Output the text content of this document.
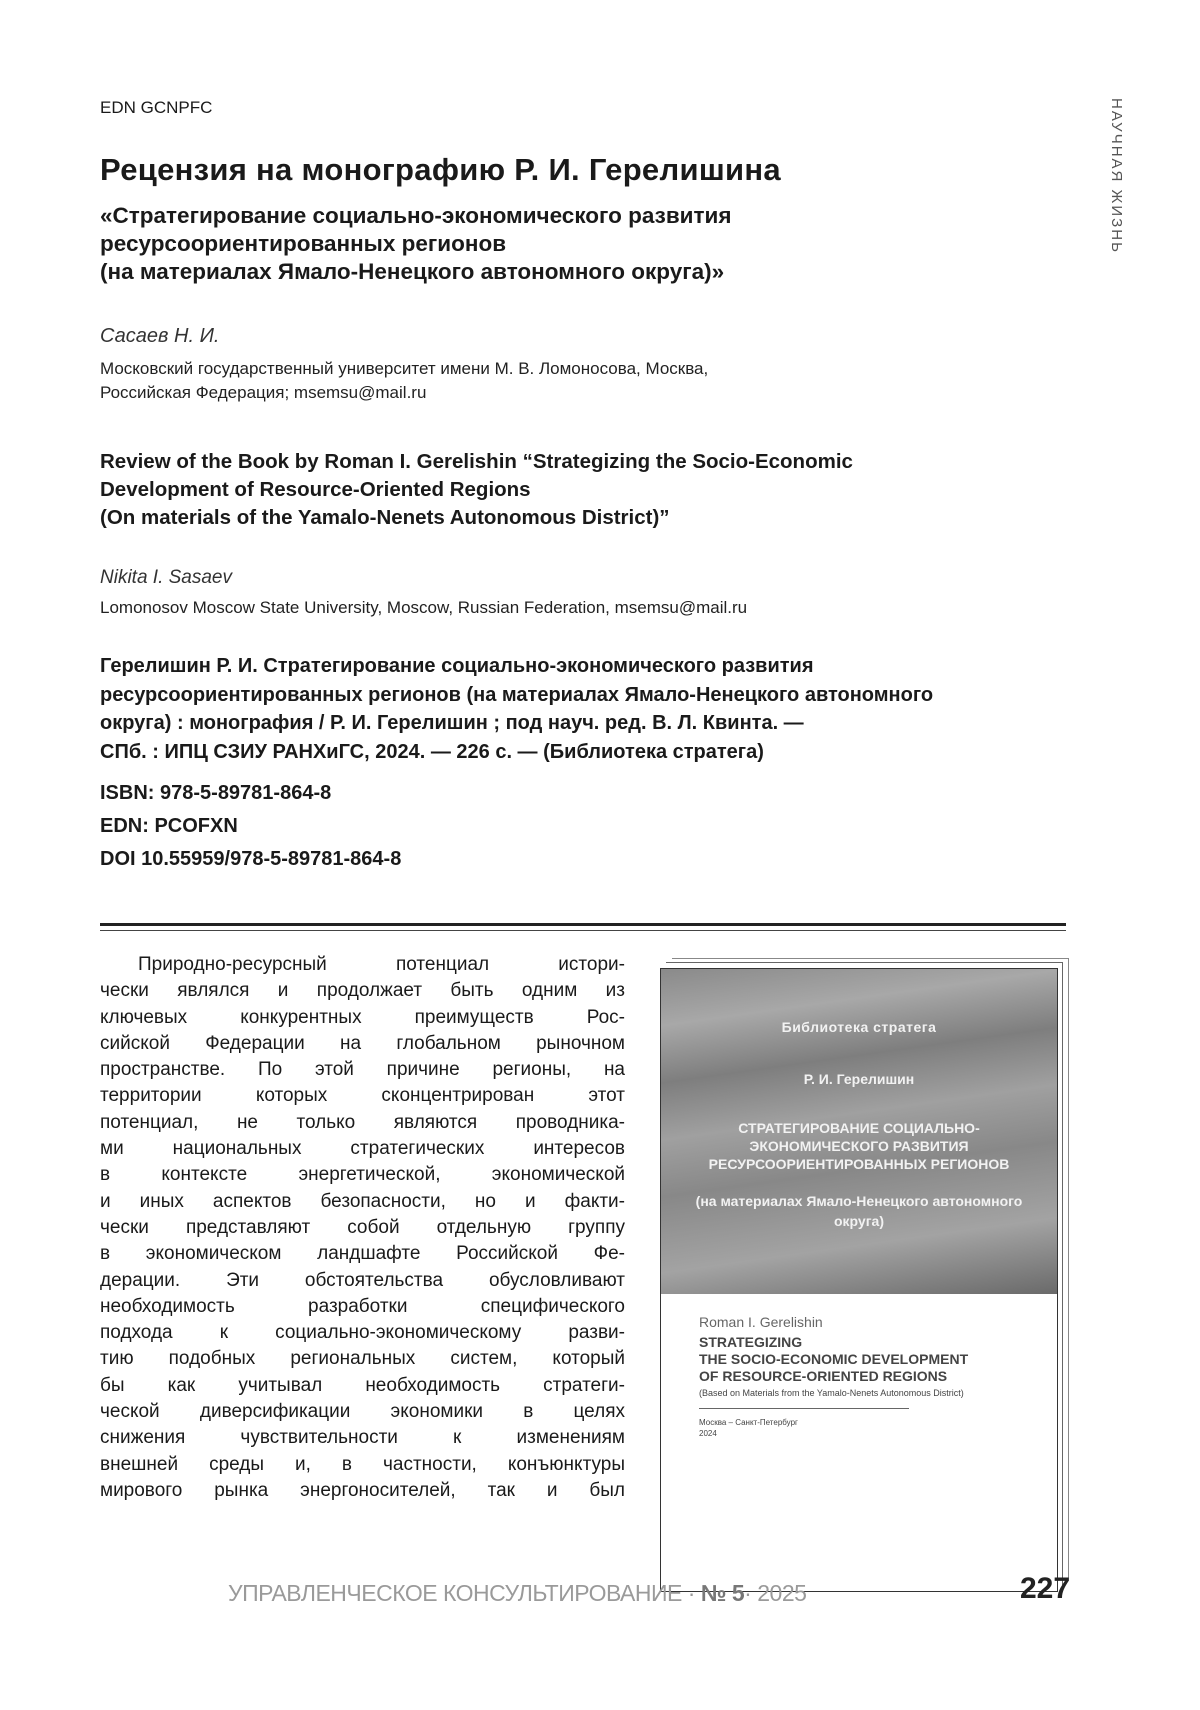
EDN GCNPFC	НАУЧНАЯ ЖИЗНЬ
Рецензия на монографию Р. И. Герелишина
«Стратегирование социально-экономического развития
ресурсоориентированных регионов
(на материалах Ямало-Ненецкого автономного округа)»
Сасаев Н. И.
Московский государственный университет имени М. В. Ломоносова, Москва,
Российская Федерация; msemsu@mail.ru
Review of the Book by Roman I. Gerelishin “Strategizing the Socio-Economic
Development of Resource-Oriented Regions
(On materials of the Yamalo-Nenets Autonomous District)”
Nikita I. Sasaev
Lomonosov Moscow State University, Moscow, Russian Federation, msemsu@mail.ru
Герелишин Р. И. Стратегирование социально-экономического развития
ресурсоориентированных регионов (на материалах Ямало-Ненецкого автономного
округа) : монография / Р. И. Герелишин ; под науч. ред. В. Л. Квинта. —
СПб. : ИПЦ СЗИУ РАНХиГС, 2024. — 226 с. — (Библиотека стратега)
ISBN: 978-5-89781-864-8
EDN: PCOFXN
DOI 10.55959/978-5-89781-864-8
Природно-ресурсный потенциал истори-
чески являлся и продолжает быть одним из
ключевых конкурентных преимуществ Рос-
сийской Федерации на глобальном рыночном
пространстве. По этой причине регионы, на
территории которых сконцентрирован этот
потенциал, не только являются проводника-
ми национальных стратегических интересов
в контексте энергетической, экономической
и иных аспектов безопасности, но и факти-
чески представляют собой отдельную группу
в экономическом ландшафте Российской Фе-
дерации. Эти обстоятельства обусловливают
необходимость разработки специфического
подхода к социально-экономическому разви-
тию подобных региональных систем, который
бы как учитывал необходимость стратеги-
ческой диверсификации экономики в целях
снижения чувствительности к изменениям
внешней среды и, в частности, конъюнктуры
мирового рынка энергоносителей, так и был
Библиотека стратега
Р. И. Герелишин
СТРАТЕГИРОВАНИЕ СОЦИАЛЬНО-ЭКОНОМИЧЕСКОГО РАЗВИТИЯ РЕСУРСООРИЕНТИРОВАННЫХ РЕГИОНОВ
(на материалах Ямало-Ненецкого автономного округа)
Roman I. Gerelishin
STRATEGIZING
THE SOCIO-ECONOMIC DEVELOPMENT
OF RESOURCE-ORIENTED REGIONS
(Based on Materials from the Yamalo-Nenets Autonomous District)
Москва – Санкт-Петербург
2024
УПРАВЛЕНЧЕСКОЕ КОНСУЛЬТИРОВАНИЕ · № 5· 2025	227
